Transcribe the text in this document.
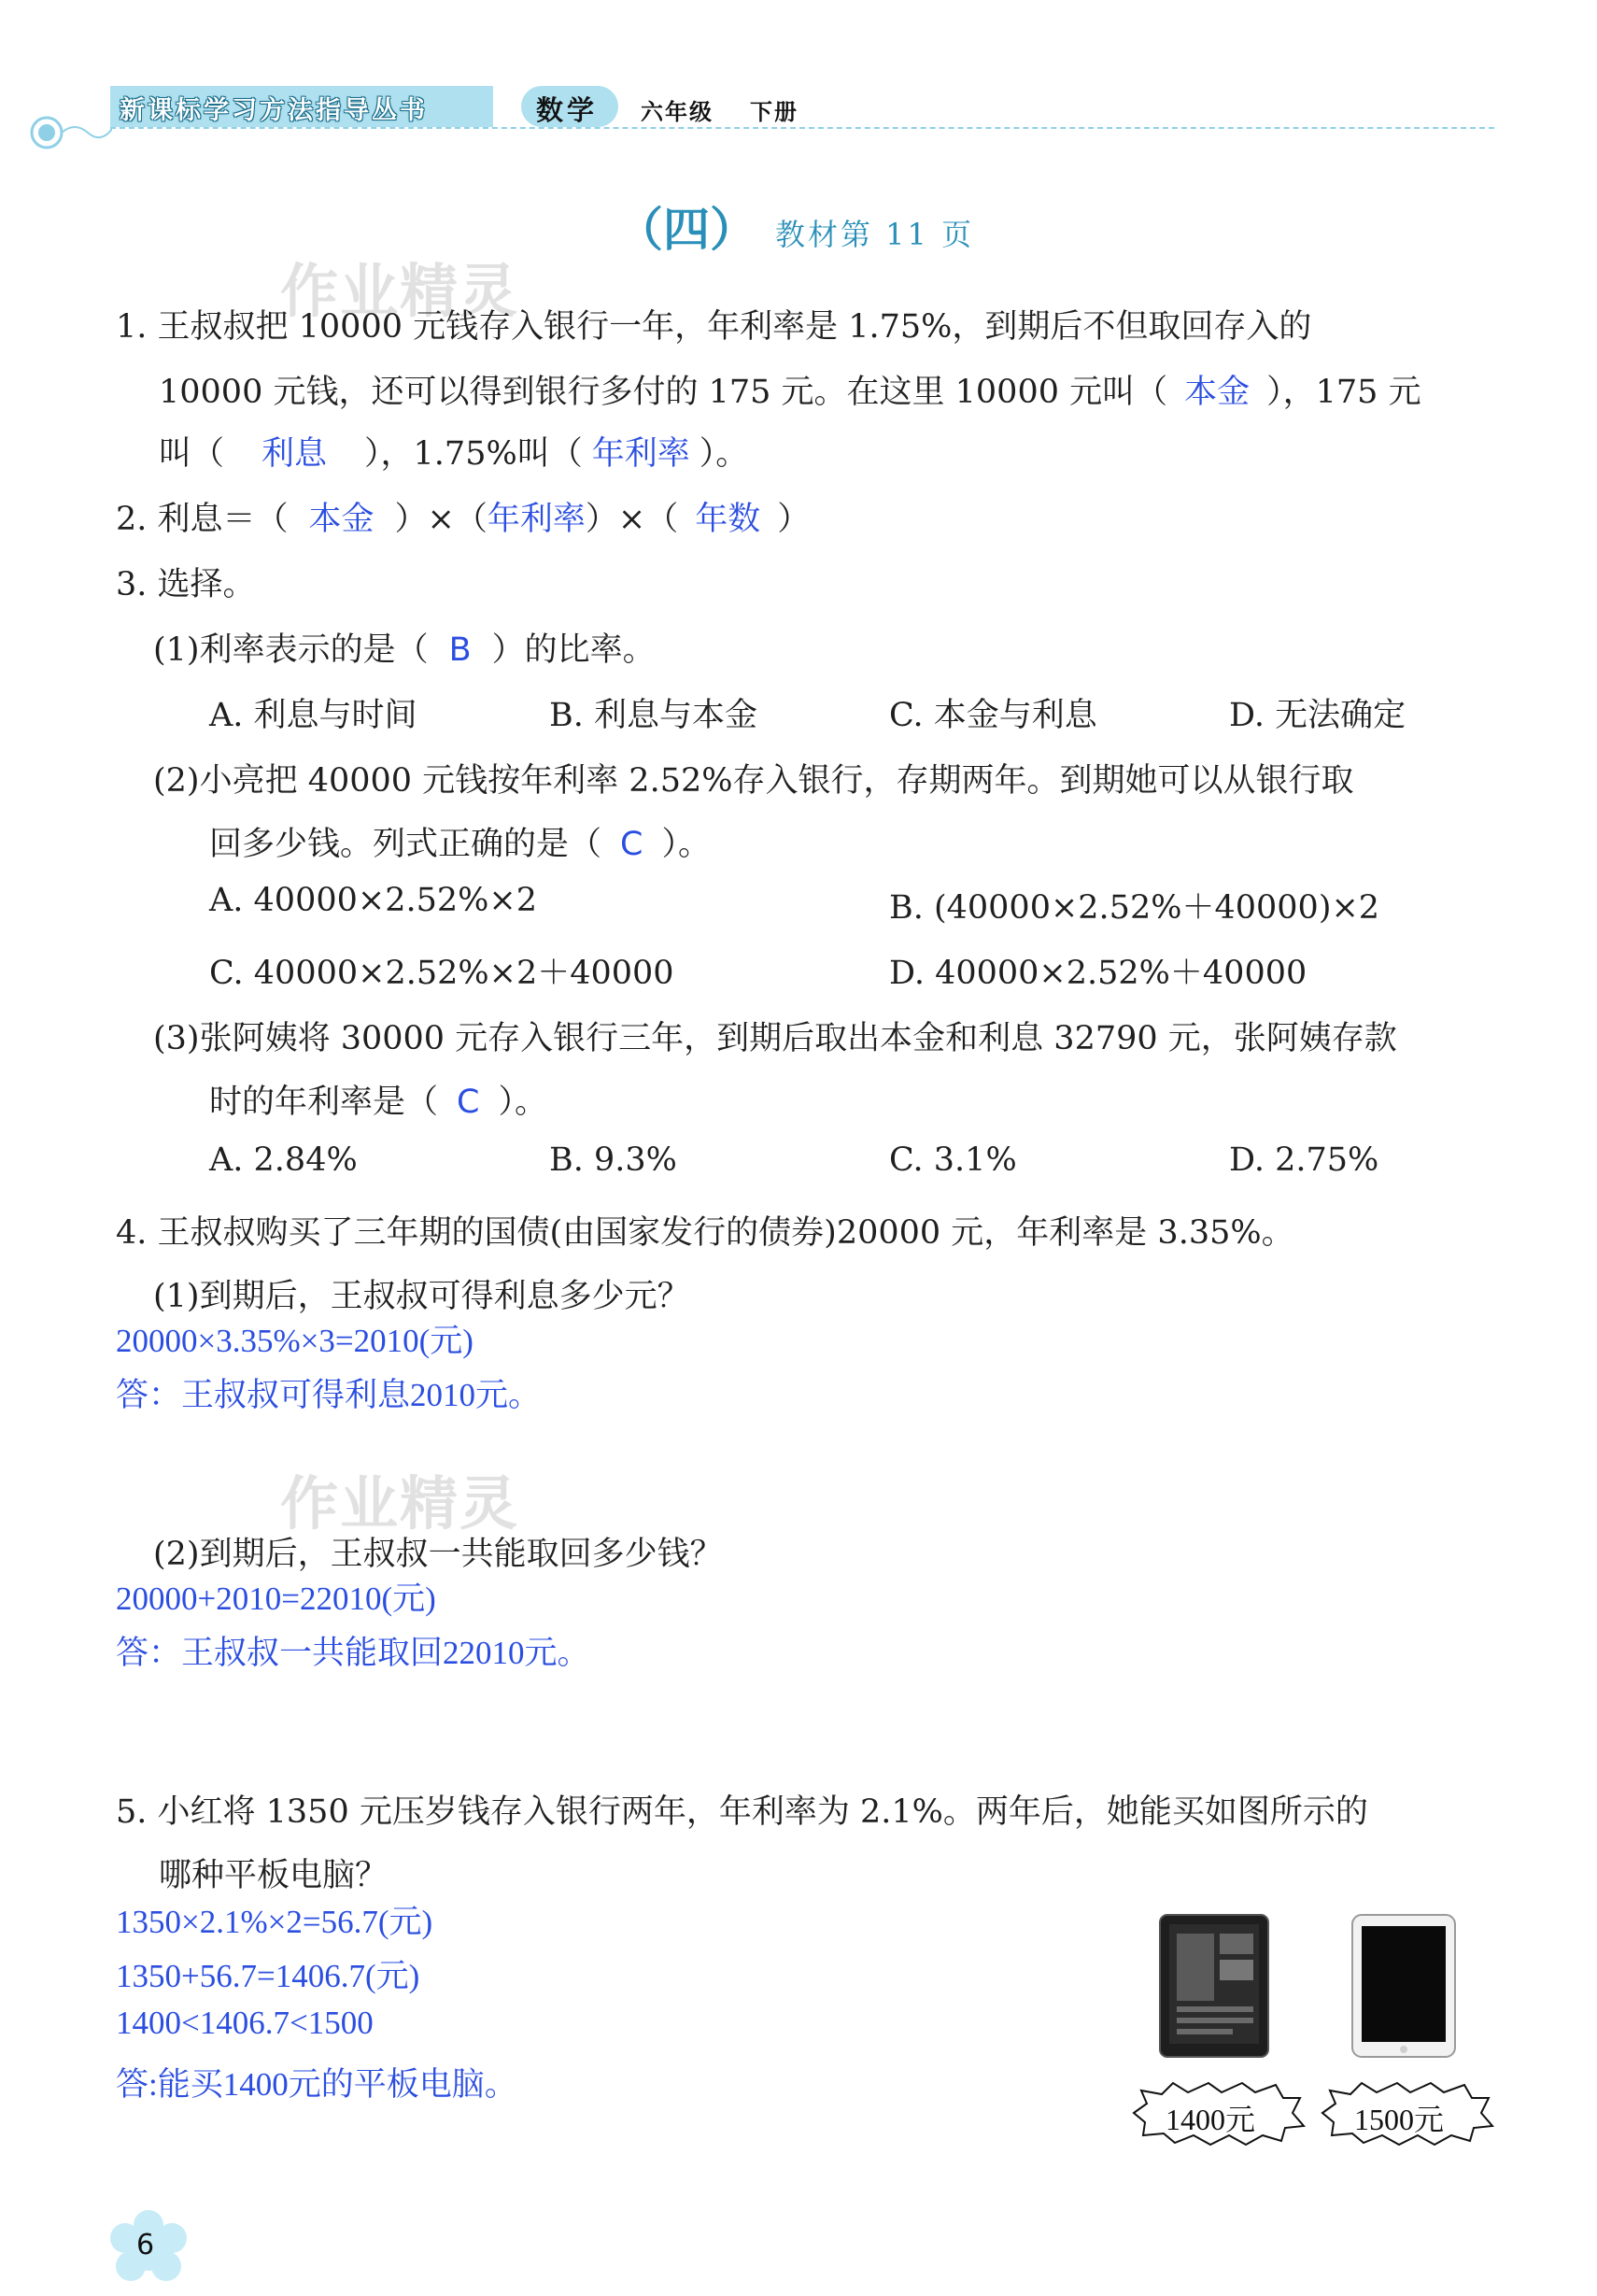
新课标学习方法指导丛书	数学 六年级 下册
（四） 教材第 11 页
作业精灵
作业精灵
1. 王叔叔把 10000 元钱存入银行一年，年利率是 1.75%，到期后不但取回存入的
10000 元钱，还可以得到银行多付的 175 元。在这里 10000 元叫（ 本金 ），175 元
叫（ 利息 ），1.75%叫（ 年利率 ）。
2. 利息＝（ 本金 ）×（年利率）×（ 年数 ）
3. 选择。
(1)利率表示的是（ B ）的比率。
A. 利息与时间	B. 利息与本金	C. 本金与利息	D. 无法确定
(2)小亮把 40000 元钱按年利率 2.52%存入银行，存期两年。到期她可以从银行取
回多少钱。列式正确的是（ C ）。
A. 40000×2.52%×2	B. (40000×2.52%＋40000)×2
C. 40000×2.52%×2＋40000	D. 40000×2.52%＋40000
(3)张阿姨将 30000 元存入银行三年，到期后取出本金和利息 32790 元，张阿姨存款
时的年利率是（ C ）。
A. 2.84%	B. 9.3%	C. 3.1%	D. 2.75%
4. 王叔叔购买了三年期的国债(由国家发行的债券)20000 元，年利率是 3.35%。
(1)到期后，王叔叔可得利息多少元？
20000×3.35%×3=2010(元)
答：王叔叔可得利息2010元。
(2)到期后，王叔叔一共能取回多少钱？
20000+2010=22010(元)
答：王叔叔一共能取回22010元。
5. 小红将 1350 元压岁钱存入银行两年，年利率为 2.1%。两年后，她能买如图所示的
哪种平板电脑？
1350×2.1%×2=56.7(元)
1350+56.7=1406.7(元)
1400<1406.7<1500
答:能买1400元的平板电脑。
1400元	1500元
6
